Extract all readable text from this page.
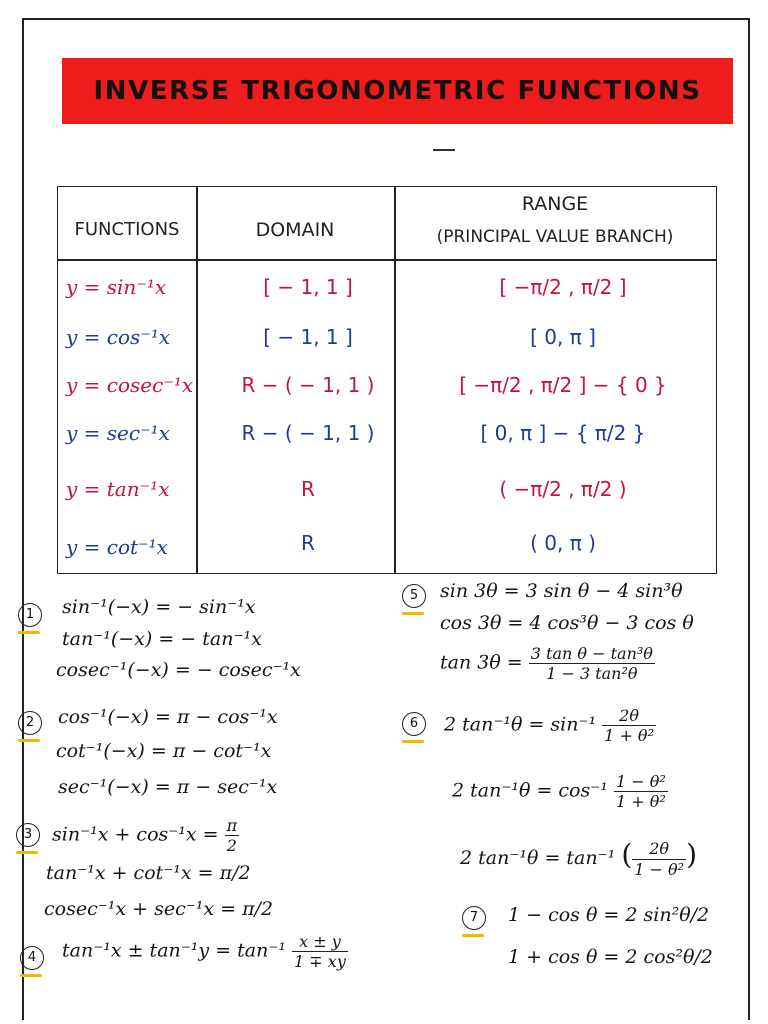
INVERSE TRIGONOMETRIC FUNCTIONS
FUNCTIONS	DOMAIN
RANGE
(PRINCIPAL VALUE BRANCH)
y = sin⁻¹x	[ − 1, 1 ]	[ −π/2 , π/2 ]
y = cos⁻¹x	[ − 1, 1 ]	[ 0, π ]
y = cosec⁻¹x	R − ( − 1, 1 )	[ −π/2 , π/2 ] − { 0 }
y = sec⁻¹x	R − ( − 1, 1 )	[ 0, π ] − { π/2 }
y = tan⁻¹x	R	( −π/2 , π/2 )
y = cot⁻¹x	R	( 0, π )
1	sin⁻¹(−x) = − sin⁻¹x
tan⁻¹(−x) = − tan⁻¹x
cosec⁻¹(−x) = − cosec⁻¹x
2	cos⁻¹(−x) = π − cos⁻¹x
cot⁻¹(−x) = π − cot⁻¹x
sec⁻¹(−x) = π − sec⁻¹x
3	$\sin^{-1}x + \cos^{-1}x = \frac{\pi}{2}$
tan⁻¹x + cot⁻¹x = π/2
cosec⁻¹x + sec⁻¹x = π/2
4	$\tan^{-1}x \pm \tan^{-1}y = \tan^{-1} \frac{x \pm y}{1 \mp xy}$
5	sin 3θ = 3 sin θ − 4 sin³θ
cos 3θ = 4 cos³θ − 3 cos θ
$\tan 3\theta = \frac{\text{3 tan θ − tan³θ}}{\text{1 − 3 tan²θ}}$
6	2 $\tan^{-1}\theta = \sin^{-1} \frac{2\theta}{\text{1 + θ²}}$
2 $\tan^{-1}\theta = \cos^{-1} \frac{\text{1 − θ²}}{\text{1 + θ²}}$
2 tan⁻¹θ = tan⁻¹ ( $\frac{2\theta}{\text{1 − θ²}}$ )
7	1 − cos θ = 2 sin²θ/2
1 + cos θ = 2 cos²θ/2
